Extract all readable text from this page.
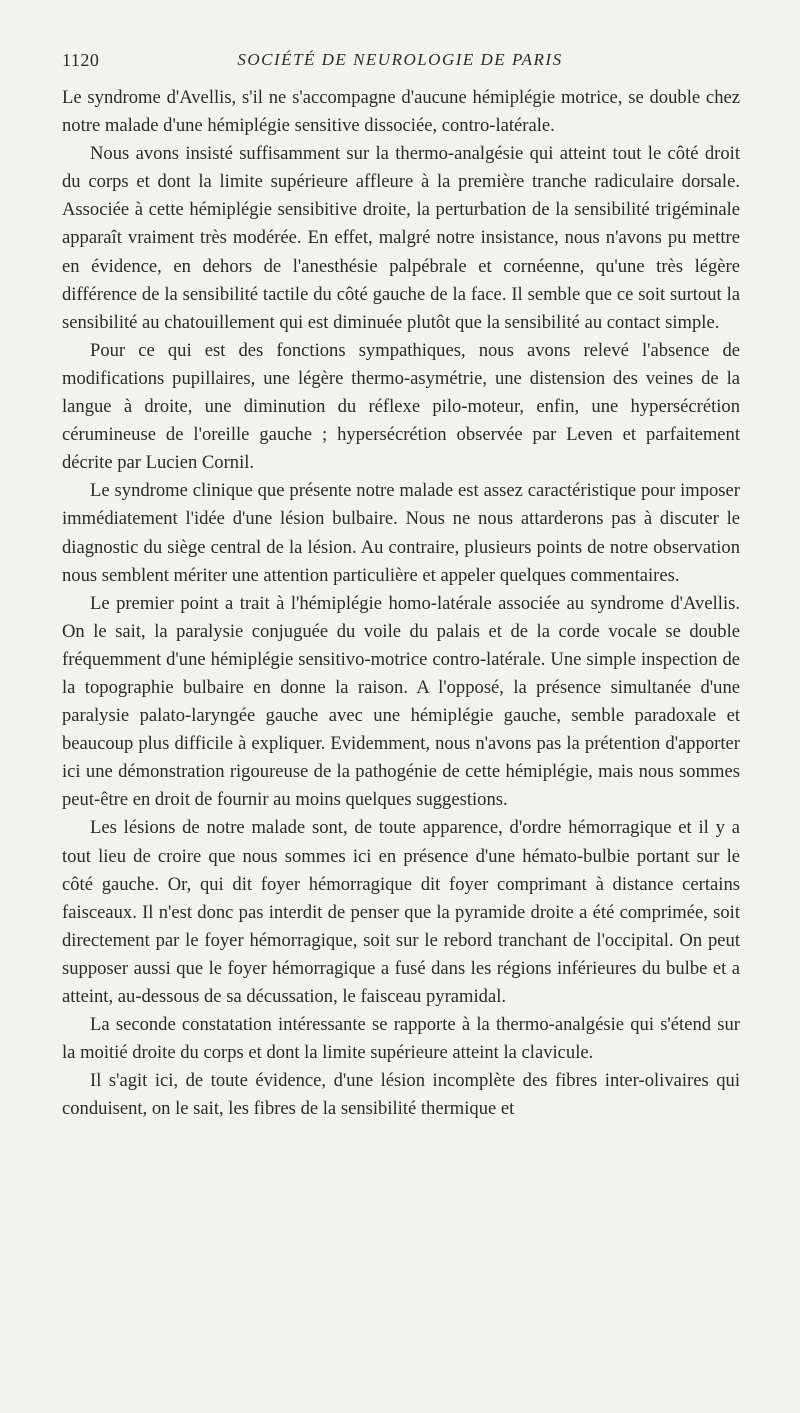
1120	SOCIÉTÉ DE NEUROLOGIE DE PARIS

Le syndrome d'Avellis, s'il ne s'accompagne d'aucune hémiplégie motrice, se double chez notre malade d'une hémiplégie sensitive dissociée, contro-latérale.

Nous avons insisté suffisamment sur la thermo-analgésie qui atteint tout le côté droit du corps et dont la limite supérieure affleure à la première tranche radiculaire dorsale. Associée à cette hémiplégie sensibitive droite, la perturbation de la sensibilité trigéminale apparaît vraiment très modérée. En effet, malgré notre insistance, nous n'avons pu mettre en évidence, en dehors de l'anesthésie palpébrale et cornéenne, qu'une très légère différence de la sensibilité tactile du côté gauche de la face. Il semble que ce soit surtout la sensibilité au chatouillement qui est diminuée plutôt que la sensibilité au contact simple.

Pour ce qui est des fonctions sympathiques, nous avons relevé l'absence de modifications pupillaires, une légère thermo-asymétrie, une distension des veines de la langue à droite, une diminution du réflexe pilo-moteur, enfin, une hypersécrétion cérumineuse de l'oreille gauche ; hypersécrétion observée par Leven et parfaitement décrite par Lucien Cornil.

Le syndrome clinique que présente notre malade est assez caractéristique pour imposer immédiatement l'idée d'une lésion bulbaire. Nous ne nous attarderons pas à discuter le diagnostic du siège central de la lésion. Au contraire, plusieurs points de notre observation nous semblent mériter une attention particulière et appeler quelques commentaires.

Le premier point a trait à l'hémiplégie homo-latérale associée au syndrome d'Avellis. On le sait, la paralysie conjuguée du voile du palais et de la corde vocale se double fréquemment d'une hémiplégie sensitivo-motrice contro-latérale. Une simple inspection de la topographie bulbaire en donne la raison. A l'opposé, la présence simultanée d'une paralysie palato-laryngée gauche avec une hémiplégie gauche, semble paradoxale et beaucoup plus difficile à expliquer. Evidemment, nous n'avons pas la prétention d'apporter ici une démonstration rigoureuse de la pathogénie de cette hémiplégie, mais nous sommes peut-être en droit de fournir au moins quelques suggestions.

Les lésions de notre malade sont, de toute apparence, d'ordre hémorragique et il y a tout lieu de croire que nous sommes ici en présence d'une hémato-bulbie portant sur le côté gauche. Or, qui dit foyer hémorragique dit foyer comprimant à distance certains faisceaux. Il n'est donc pas interdit de penser que la pyramide droite a été comprimée, soit directement par le foyer hémorragique, soit sur le rebord tranchant de l'occipital. On peut supposer aussi que le foyer hémorragique a fusé dans les régions inférieures du bulbe et a atteint, au-dessous de sa décussation, le faisceau pyramidal.

La seconde constatation intéressante se rapporte à la thermo-analgésie qui s'étend sur la moitié droite du corps et dont la limite supérieure atteint la clavicule.

Il s'agit ici, de toute évidence, d'une lésion incomplète des fibres inter-olivaires qui conduisent, on le sait, les fibres de la sensibilité thermique et
